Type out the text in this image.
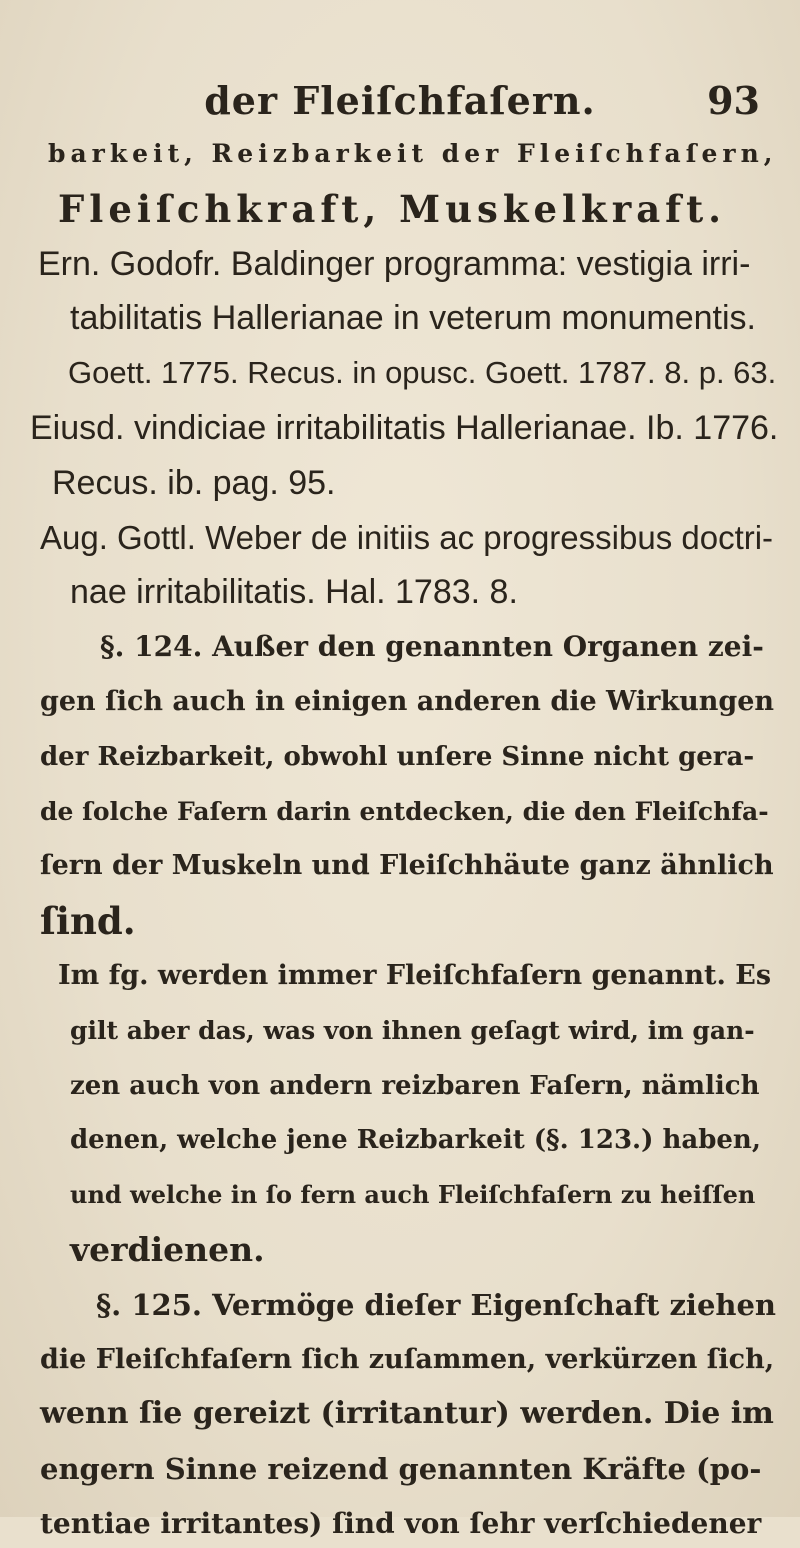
der Fleiſchfaſern.	93
barkeit, Reizbarkeit der Fleiſchfaſern,
Fleiſchkraft, Muskelkraft.
Ern. Godofr. Baldinger programma: vestigia irri-
tabilitatis Hallerianae in veterum monumentis.
Goett. 1775. Recus. in opusc. Goett. 1787. 8. p. 63.
Eiusd. vindiciae irritabilitatis Hallerianae. Ib. 1776.
Recus. ib. pag. 95.
Aug. Gottl. Weber de initiis ac progressibus doctri-
nae irritabilitatis. Hal. 1783. 8.
§. 124. Außer den genannten Organen zei-
gen ſich auch in einigen anderen die Wirkungen
der Reizbarkeit, obwohl unſere Sinne nicht gera-
de ſolche Faſern darin entdecken, die den Fleiſchfa-
ſern der Muskeln und Fleiſchhäute ganz ähnlich
ſind.
Im fg. werden immer Fleiſchfaſern genannt. Es
gilt aber das, was von ihnen geſagt wird, im gan-
zen auch von andern reizbaren Faſern, nämlich
denen, welche jene Reizbarkeit (§. 123.) haben,
und welche in ſo fern auch Fleiſchfaſern zu heiſſen
verdienen.
§. 125. Vermöge dieſer Eigenſchaft ziehen
die Fleiſchfaſern ſich zuſammen, verkürzen ſich,
wenn ſie gereizt (irritantur) werden. Die im
engern Sinne reizend genannten Kräfte (po-
tentiae irritantes) ſind von ſehr verſchiedener
